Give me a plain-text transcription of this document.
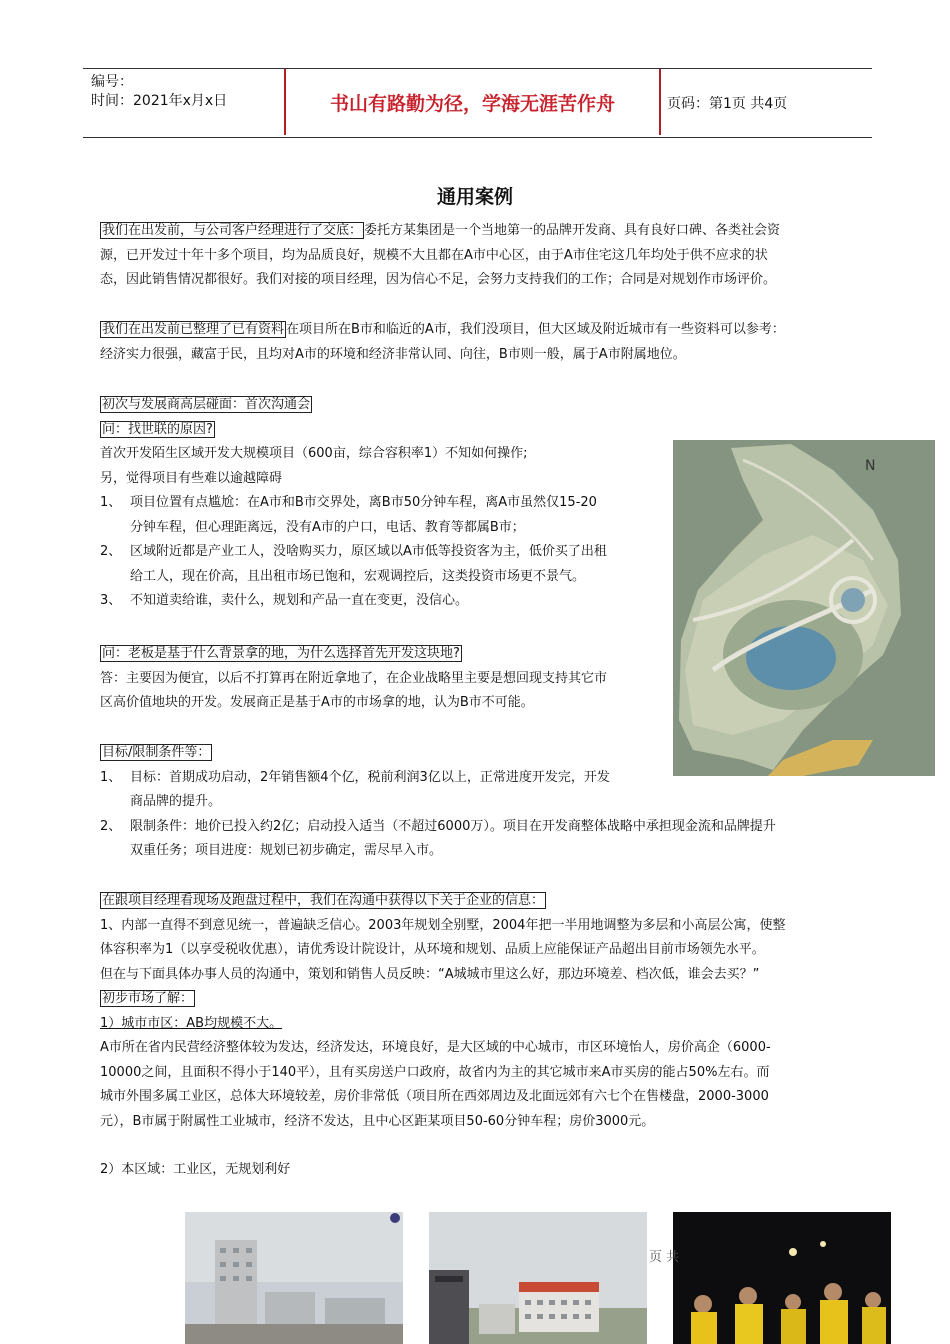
编号：
时间：2021年x月x日	书山有路勤为径，学海无涯苦作舟	页码：第1页 共4页
通用案例
我们在出发前，与公司客户经理进行了交底： 委托方某集团是一个当地第一的品牌开发商、具有良好口碑、各类社会资
源，已开发过十年十多个项目，均为品质良好，规模不大且都在A市中心区，由于A市住宅这几年均处于供不应求的状
态，因此销售情况都很好。我们对接的项目经理，因为信心不足，会努力支持我们的工作；合同是对规划作市场评价。
我们在出发前已整理了已有资料 在项目所在B市和临近的A市，我们没项目，但大区域及附近城市有一些资料可以参考：
经济实力很强，藏富于民，且均对A市的环境和经济非常认同、向往，B市则一般，属于A市附属地位。
初次与发展商高层碰面：首次沟通会
问：找世联的原因?
首次开发陌生区域开发大规模项目（600亩，综合容积率1）不知如何操作;
另，觉得项目有些难以逾越障碍
1、 项目位置有点尴尬：在A市和B市交界处，离B市50分钟车程，离A市虽然仅15-20
分钟车程，但心理距离远，没有A市的户口，电话、教育等都属B市；
2、 区域附近都是产业工人，没啥购买力，原区域以A市低等投资客为主，低价买了出租
给工人，现在价高，且出租市场已饱和，宏观调控后，这类投资市场更不景气。
3、 不知道卖给谁，卖什么，规划和产品一直在变更，没信心。
N
问：老板是基于什么背景拿的地，为什么选择首先开发这块地?
答：主要因为便宜，以后不打算再在附近拿地了，在企业战略里主要是想回现支持其它市
区高价值地块的开发。发展商正是基于A市的市场拿的地，认为B市不可能。
目标/限制条件等：
1、 目标：首期成功启动，2年销售额4个亿，税前利润3亿以上，正常进度开发完，开发
商品牌的提升。
2、 限制条件：地价已投入约2亿；启动投入适当（不超过6000万）。项目在开发商整体战略中承担现金流和品牌提升
双重任务；项目进度：规划已初步确定，需尽早入市。
在跟项目经理看现场及跑盘过程中，我们在沟通中获得以下关于企业的信息：
1、内部一直得不到意见统一，普遍缺乏信心。2003年规划全别墅，2004年把一半用地调整为多层和小高层公寓，使整
体容积率为1（以享受税收优惠），请优秀设计院设计，从环境和规划、品质上应能保证产品超出目前市场领先水平。
但在与下面具体办事人员的沟通中，策划和销售人员反映：“A城城市里这么好，那边环境差、档次低，谁会去买？”
初步市场了解：
1）城市市区：AB均规模不大。
A市所在省内民营经济整体较为发达，经济发达，环境良好，是大区域的中心城市，市区环境怡人，房价高企（6000-
10000之间，且面积不得小于140平），且有买房送户口政府，故省内为主的其它城市来A市买房的能占50%左右。而
城市外围多属工业区，总体大环境较差，房价非常低（项目所在西郊周边及北面远郊有六七个在售楼盘，2000-3000
元），B市属于附属性工业城市，经济不发达，且中心区距某项目50-60分钟车程；房价3000元。
2）本区域：工业区，无规划利好
页 共
